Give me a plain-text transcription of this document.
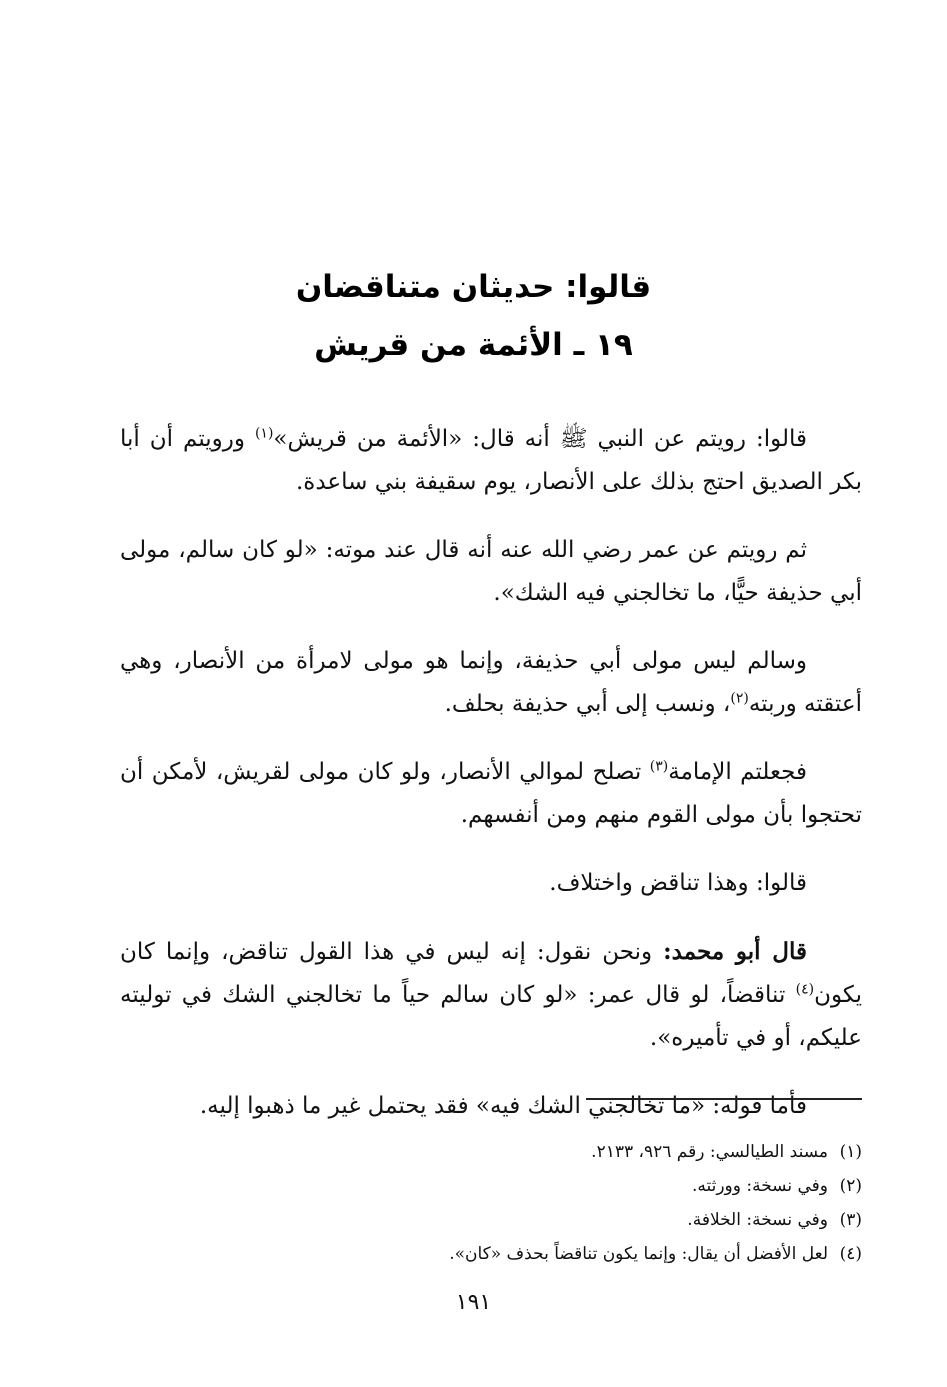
قالوا: حديثان متناقضان
١٩ ـ الأئمة من قريش

قالوا: رويتم عن النبي ﷺ أنه قال: «الأئمة من قريش»$^{(١)}$ ورويتم أن أبا بكر الصديق احتج بذلك على الأنصار، يوم سقيفة بني ساعدة.

ثم رويتم عن عمر رضي الله عنه أنه قال عند موته: «لو كان سالم، مولى أبي حذيفة حيًّا، ما تخالجني فيه الشك».

وسالم ليس مولى أبي حذيفة، وإنما هو مولى لامرأة من الأنصار، وهي أعتقته وربته$^{(٢)}$، ونسب إلى أبي حذيفة بحلف.

فجعلتم الإمامة$^{(٣)}$ تصلح لموالي الأنصار، ولو كان مولى لقريش، لأمكن أن تحتجوا بأن مولى القوم منهم ومن أنفسهم.

قالوا: وهذا تناقض واختلاف.

قال أبو محمد: ونحن نقول: إنه ليس في هذا القول تناقض، وإنما كان يكون$^{(٤)}$ تناقضاً، لو قال عمر: «لو كان سالم حياً ما تخالجني الشك في توليته عليكم، أو في تأميره».

فأما قوله: «ما تخالجني الشك فيه» فقد يحتمل غير ما ذهبوا إليه.

(١)مسند الطيالسي: رقم ٩٢٦، ٢١٣٣.
(٢)وفي نسخة: وورثته.
(٣)وفي نسخة: الخلافة.
(٤)لعل الأفضل أن يقال: وإنما يكون تناقضاً بحذف «كان».
١٩١
